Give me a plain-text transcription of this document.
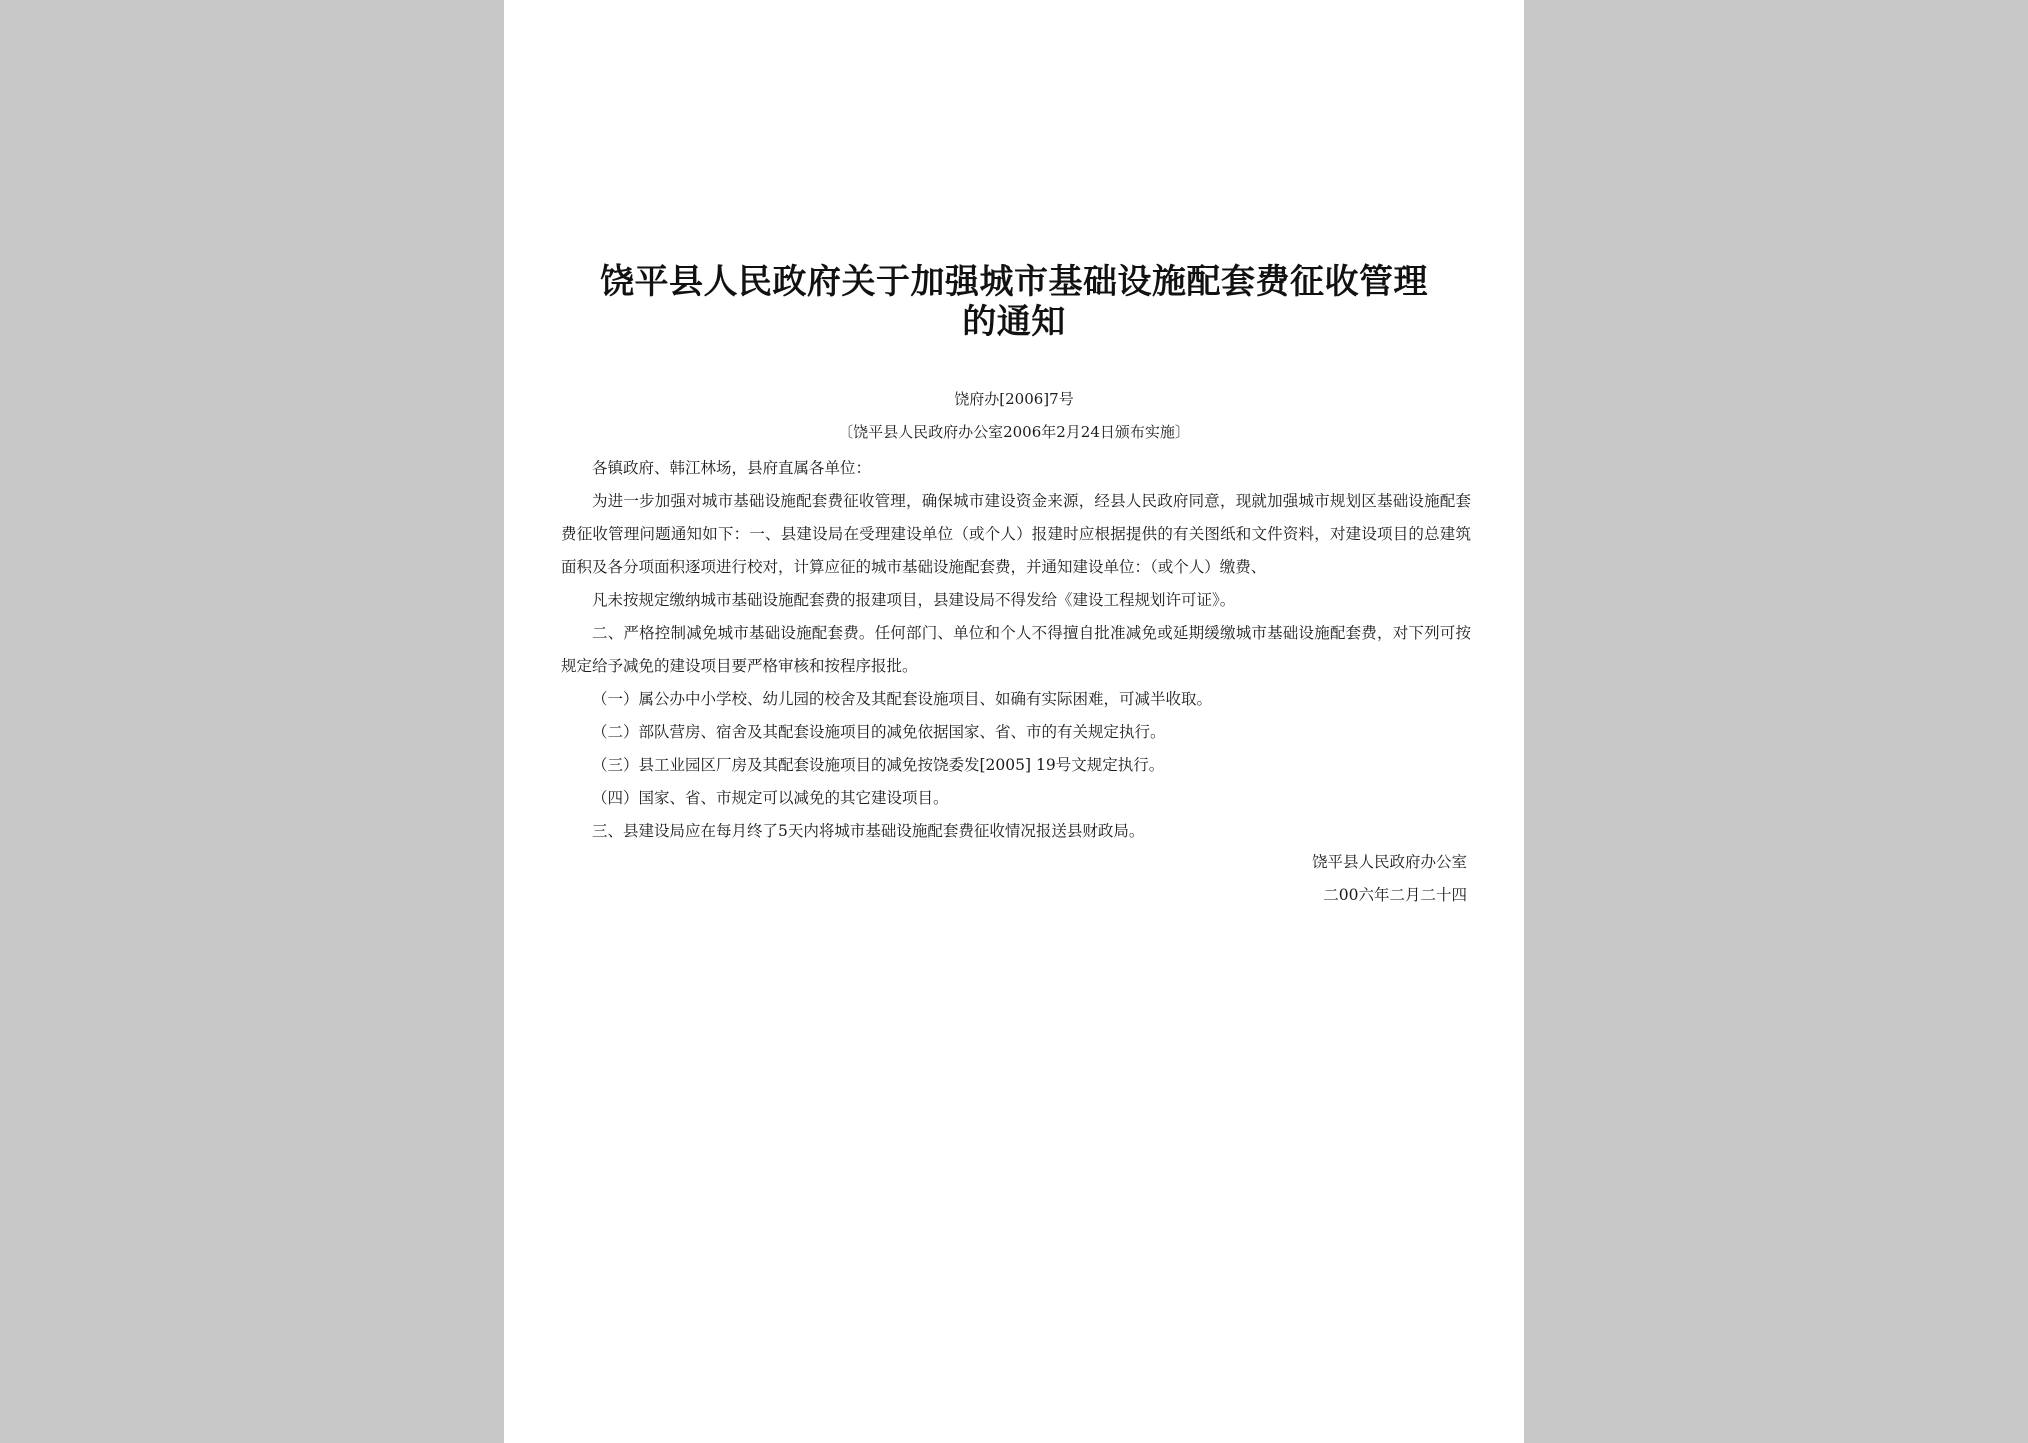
饶平县人民政府关于加强城市基础设施配套费征收管理的通知
饶府办[2006]7号
〔饶平县人民政府办公室2006年2月24日颁布实施〕

各镇政府、韩江林场，县府直属各单位：

为进一步加强对城市基础设施配套费征收管理，确保城市建设资金来源，经县人民政府同意，现就加强城市规划区基础设施配套费征收管理问题通知如下：一、县建设局在受理建设单位（或个人）报建时应根据提供的有关图纸和文件资料，对建设项目的总建筑面积及各分项面积逐项进行校对，计算应征的城市基础设施配套费，并通知建设单位：（或个人）缴费、

凡未按规定缴纳城市基础设施配套费的报建项目，县建设局不得发给《建设工程规划许可证》。

二、严格控制减免城市基础设施配套费。任何部门、单位和个人不得擅自批准减免或延期缓缴城市基础设施配套费，对下列可按规定给予减免的建设项目要严格审核和按程序报批。

（一）属公办中小学校、幼儿园的校舍及其配套设施项目、如确有实际困难，可减半收取。

（二）部队营房、宿舍及其配套设施项目的减免依据国家、省、市的有关规定执行。

（三）县工业园区厂房及其配套设施项目的减免按饶委发[2005] 19号文规定执行。

（四）国家、省、市规定可以减免的其它建设项目。

三、县建设局应在每月终了5天内将城市基础设施配套费征收情况报送县财政局。

饶平县人民政府办公室
二00六年二月二十四
